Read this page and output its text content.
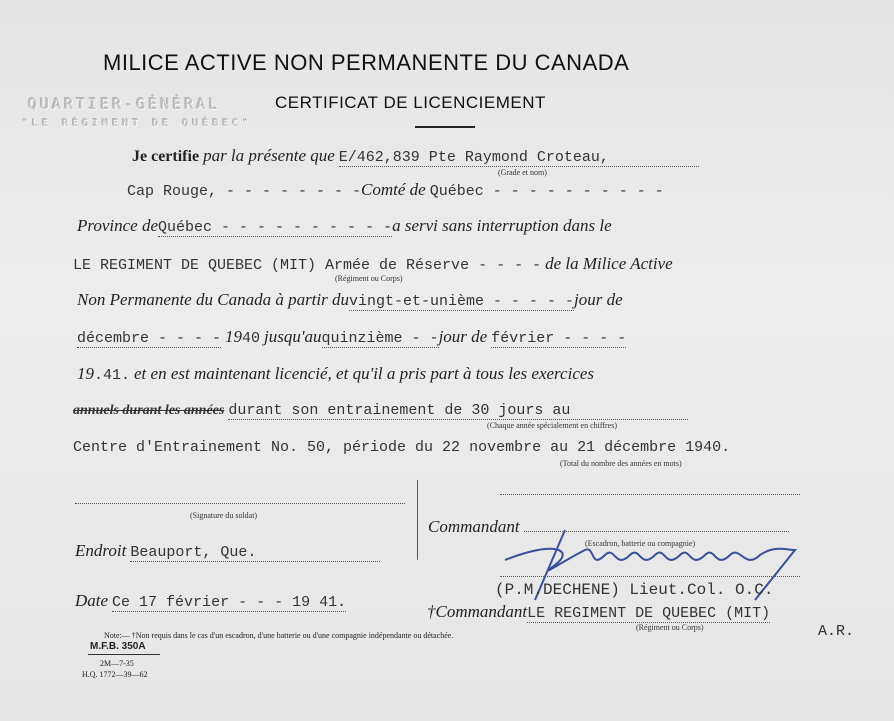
MILICE ACTIVE NON PERMANENTE DU CANADA
QUARTIER-GÉNÉRAL
"LE RÉGIMENT DE QUÉBEC"
CERTIFICAT DE LICENCIEMENT
Je certifie par la présente que E/462,839 Pte Raymond Croteau,
(Grade et nom)
Cap Rouge, - - - - - - - -Comté de Québec - - - - - - - - - -
Province deQuébec - - - - - - - - - -a servi sans interruption dans le
LE REGIMENT DE QUEBEC (MIT) Armée de Réserve - - - - de la Milice Active
(Régiment ou Corps)
Non Permanente du Canada à partir duvingt-et-unième - - - - -jour de
décembre - - - - 1940 jusqu'auquinzième - -jour de février - - - -
19.41. et en est maintenant licencié, et qu'il a pris part à tous les exercices
annuels durant les années durant son entrainement de 30 jours au
(Chaque année spécialement en chiffres)
Centre d'Entrainement No. 50, période du 22 novembre au 21 décembre 1940.
(Total du nombre des années en mots)
(Signature du soldat)
Endroit Beauport, Que.
Date Ce 17 février - - - 19 41.
Commandant
(Escadron, batterie ou compagnie)
(P.M.DECHENE) Lieut.Col. O.C.
†CommandantLE REGIMENT DE QUEBEC (MIT)
(Régiment ou Corps)	A.R.
Note:— †Non requis dans le cas d'un escadron, d'une batterie ou d'une compagnie indépendante ou détachée.
M.F.B. 350A
2M—7-35
H.Q. 1772—39—62
